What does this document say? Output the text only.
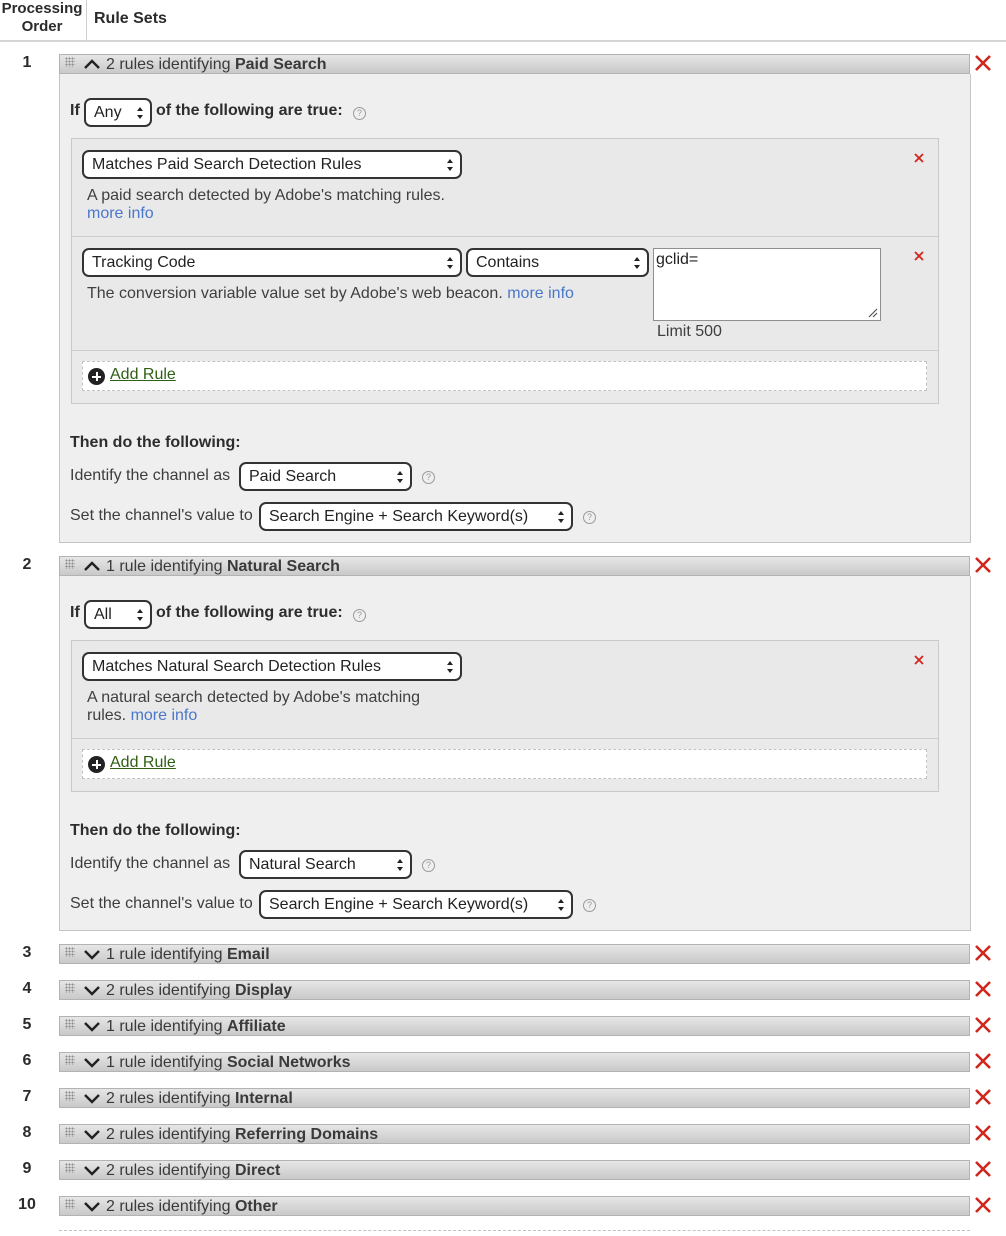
Processing Order	Rule Sets
1	2 rules identifying Paid Search
If Any	of the following are true:	?
Matches Paid Search Detection Rules
A paid search detected by Adobe's matching rules.
more info
Tracking Code	Contains	gclid=
The conversion variable value set by Adobe's web beacon. more info
Limit 500
Add Rule
Then do the following:
Identify the channel as	Paid Search	?
Set the channel's value to	Search Engine + Search Keyword(s)	?
2	1 rule identifying Natural Search
If All	of the following are true:	?
Matches Natural Search Detection Rules
A natural search detected by Adobe's matching
rules. more info
Add Rule
Then do the following:
Identify the channel as	Natural Search	?
Set the channel's value to	Search Engine + Search Keyword(s)	?
3	1 rule identifying Email
4	2 rules identifying Display
5	1 rule identifying Affiliate
6	1 rule identifying Social Networks
7	2 rules identifying Internal
8	2 rules identifying Referring Domains
9	2 rules identifying Direct
10	2 rules identifying Other
